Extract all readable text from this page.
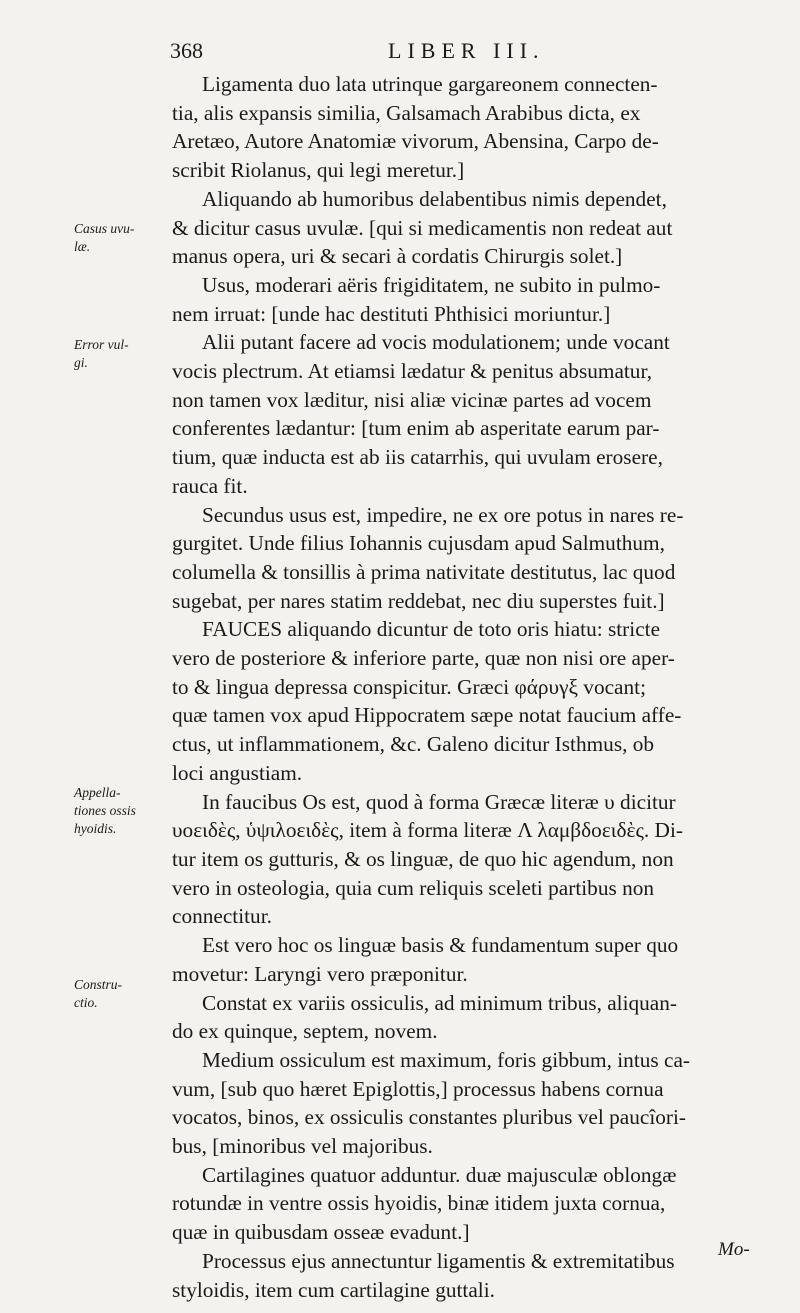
368	LIBER III.
Casus uvu-
læ.
Error vul-
gi.
Appella-
tiones ossis
hyoidis.
Constru-
ctio.
Ligamenta duo lata utrinque gargareonem connecten-
tia, alis expansis similia, Galsamach Arabibus dicta, ex
Aretæo, Autore Anatomiæ vivorum, Abensina, Carpo de-
scribit Riolanus, qui legi meretur.]
Aliquando ab humoribus delabentibus nimis dependet,
& dicitur casus uvulæ. [qui si medicamentis non redeat aut
manus opera, uri & secari à cordatis Chirurgis solet.]
Usus, moderari aëris frigiditatem, ne subito in pulmo-
nem irruat: [unde hac destituti Phthisici moriuntur.]
Alii putant facere ad vocis modulationem; unde vocant
vocis plectrum. At etiamsi lædatur & penitus absumatur,
non tamen vox læditur, nisi aliæ vicinæ partes ad vocem
conferentes lædantur: [tum enim ab asperitate earum par-
tium, quæ inducta est ab iis catarrhis, qui uvulam erosere,
rauca fit.
Secundus usus est, impedire, ne ex ore potus in nares re-
gurgitet. Unde filius Iohannis cujusdam apud Salmuthum,
columella & tonsillis à prima nativitate destitutus, lac quod
sugebat, per nares statim reddebat, nec diu superstes fuit.]
FAUCES aliquando dicuntur de toto oris hiatu: stricte
vero de posteriore & inferiore parte, quæ non nisi ore aper-
to & lingua depressa conspicitur. Græci φάρυγξ vocant;
quæ tamen vox apud Hippocratem sæpe notat faucium affe-
ctus, ut inflammationem, &c. Galeno dicitur Isthmus, ob
loci angustiam.
In faucibus Os est, quod à forma Græcæ literæ υ dicitur
υοειδὲς, ὑψιλοειδὲς, item à forma literæ Λ λαμβδοειδὲς. Di-
tur item os gutturis, & os linguæ, de quo hic agendum, non
vero in osteologia, quia cum reliquis sceleti partibus non
connectitur.
Est vero hoc os linguæ basis & fundamentum super quo
movetur: Laryngi vero præponitur.
Constat ex variis ossiculis, ad minimum tribus, aliquan-
do ex quinque, septem, novem.
Medium ossiculum est maximum, foris gibbum, intus ca-
vum, [sub quo hæret Epiglottis,] processus habens cornua
vocatos, binos, ex ossiculis constantes pluribus vel paucîori-
bus, [minoribus vel majoribus.
Cartilagines quatuor adduntur. duæ majusculæ oblongæ
rotundæ in ventre ossis hyoidis, binæ itidem juxta cornua,
quæ in quibusdam osseæ evadunt.]
Processus ejus annectuntur ligamentis & extremitatibus
styloidis, item cum cartilagine guttali.
Mo-
